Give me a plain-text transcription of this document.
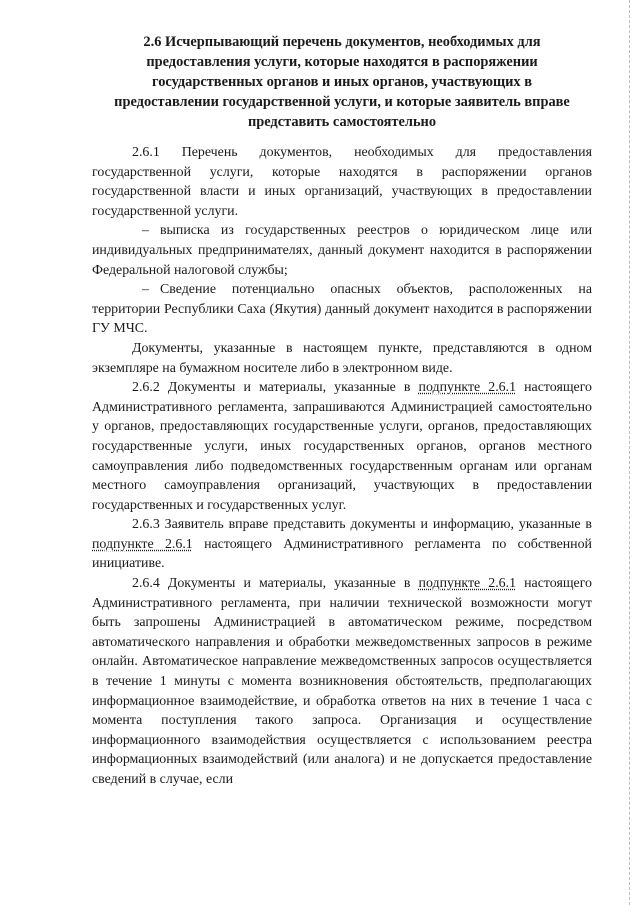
2.6 Исчерпывающий перечень документов, необходимых для
предоставления услуги, которые находятся в распоряжении
государственных органов и иных органов, участвующих в
предоставлении государственной услуги, и которые заявитель вправе
представить самостоятельно

2.6.1 Перечень документов, необходимых для предоставления государственной услуги, которые находятся в распоряжении органов государственной власти и иных организаций, участвующих в предоставлении государственной услуги.

– выписка из государственных реестров о юридическом лице или индивидуальных предпринимателях, данный документ находится в распоряжении Федеральной налоговой службы;

– Сведение потенциально опасных объектов, расположенных на территории Республики Саха (Якутия) данный документ находится в распоряжении ГУ МЧС.

Документы, указанные в настоящем пункте, представляются в одном экземпляре на бумажном носителе либо в электронном виде.

2.6.2 Документы и материалы, указанные в подпункте 2.6.1 настоящего Административного регламента, запрашиваются Администрацией самостоятельно у органов, предоставляющих государственные услуги, органов, предоставляющих государственные услуги, иных государственных органов, органов местного самоуправления либо подведомственных государственным органам или органам местного самоуправления организаций, участвующих в предоставлении государственных и государственных услуг.

2.6.3 Заявитель вправе представить документы и информацию, указанные в подпункте 2.6.1 настоящего Административного регламента по собственной инициативе.

2.6.4 Документы и материалы, указанные в подпункте 2.6.1 настоящего Административного регламента, при наличии технической возможности могут быть запрошены Администрацией в автоматическом режиме, посредством автоматического направления и обработки межведомственных запросов в режиме онлайн. Автоматическое направление межведомственных запросов осуществляется в течение 1 минуты с момента возникновения обстоятельств, предполагающих информационное взаимодействие, и обработка ответов на них в течение 1 часа с момента поступления такого запроса. Организация и осуществление информационного взаимодействия осуществляется с использованием реестра информационных взаимодействий (или аналога) и не допускается предоставление сведений в случае, если
